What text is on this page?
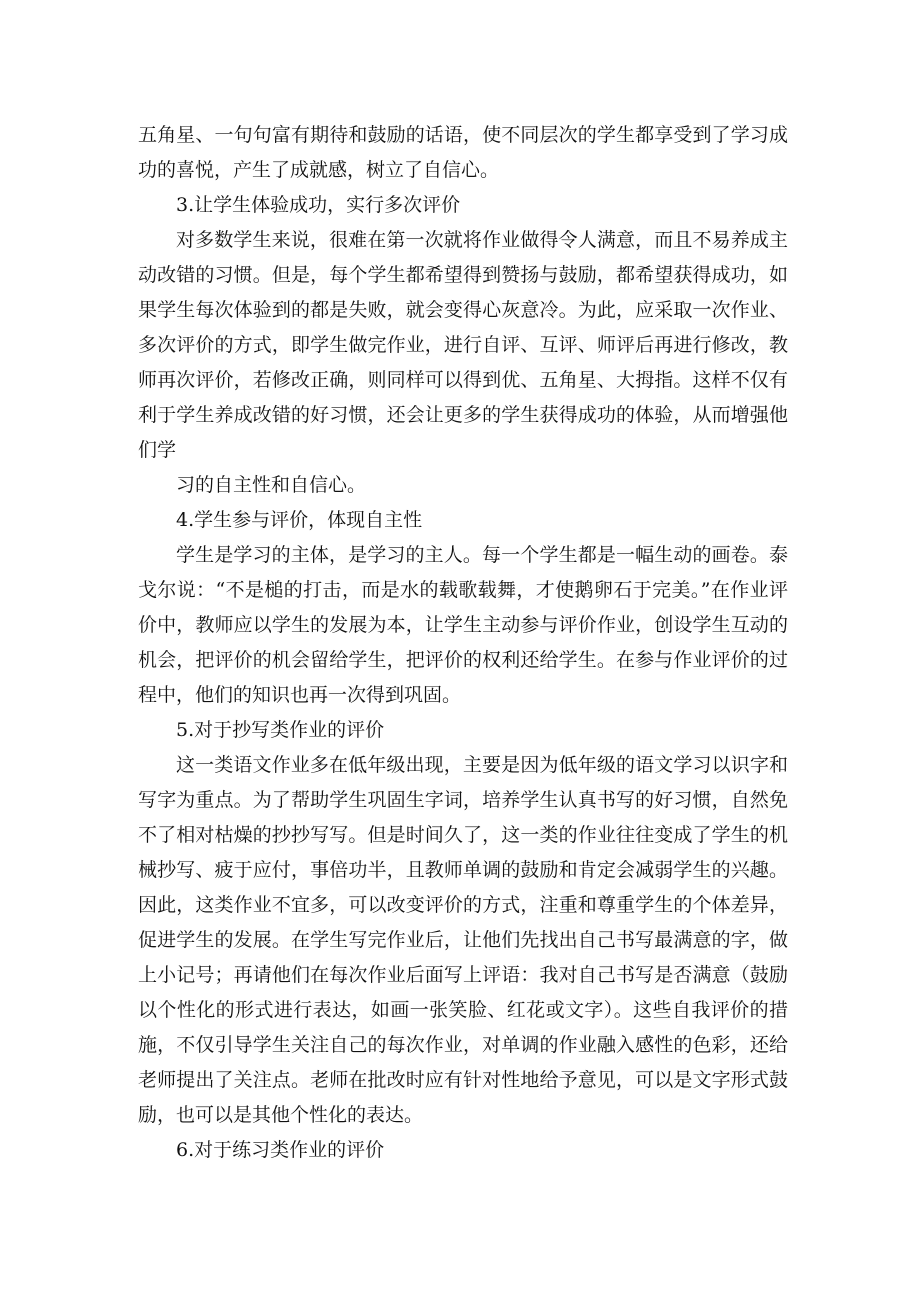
五角星、一句句富有期待和鼓励的话语，使不同层次的学生都享受到了学习成功的喜悦，产生了成就感，树立了自信心。

3.让学生体验成功，实行多次评价

对多数学生来说，很难在第一次就将作业做得令人满意，而且不易养成主动改错的习惯。但是，每个学生都希望得到赞扬与鼓励，都希望获得成功，如果学生每次体验到的都是失败，就会变得心灰意冷。为此，应采取一次作业、多次评价的方式，即学生做完作业，进行自评、互评、师评后再进行修改，教师再次评价，若修改正确，则同样可以得到优、五角星、大拇指。这样不仅有利于学生养成改错的好习惯，还会让更多的学生获得成功的体验，从而增强他们学

习的自主性和自信心。

4.学生参与评价，体现自主性

学生是学习的主体，是学习的主人。每一个学生都是一幅生动的画卷。泰戈尔说：“不是槌的打击，而是水的载歌载舞，才使鹅卵石于完美。”在作业评价中，教师应以学生的发展为本，让学生主动参与评价作业，创设学生互动的机会，把评价的机会留给学生，把评价的权利还给学生。在参与作业评价的过程中，他们的知识也再一次得到巩固。

5.对于抄写类作业的评价

这一类语文作业多在低年级出现，主要是因为低年级的语文学习以识字和写字为重点。为了帮助学生巩固生字词，培养学生认真书写的好习惯，自然免不了相对枯燥的抄抄写写。但是时间久了，这一类的作业往往变成了学生的机械抄写、疲于应付，事倍功半，且教师单调的鼓励和肯定会减弱学生的兴趣。因此，这类作业不宜多，可以改变评价的方式，注重和尊重学生的个体差异，促进学生的发展。在学生写完作业后，让他们先找出自己书写最满意的字，做上小记号；再请他们在每次作业后面写上评语：我对自己书写是否满意（鼓励以个性化的形式进行表达，如画一张笑脸、红花或文字）。这些自我评价的措施，不仅引导学生关注自己的每次作业，对单调的作业融入感性的色彩，还给老师提出了关注点。老师在批改时应有针对性地给予意见，可以是文字形式鼓励，也可以是其他个性化的表达。

6.对于练习类作业的评价
